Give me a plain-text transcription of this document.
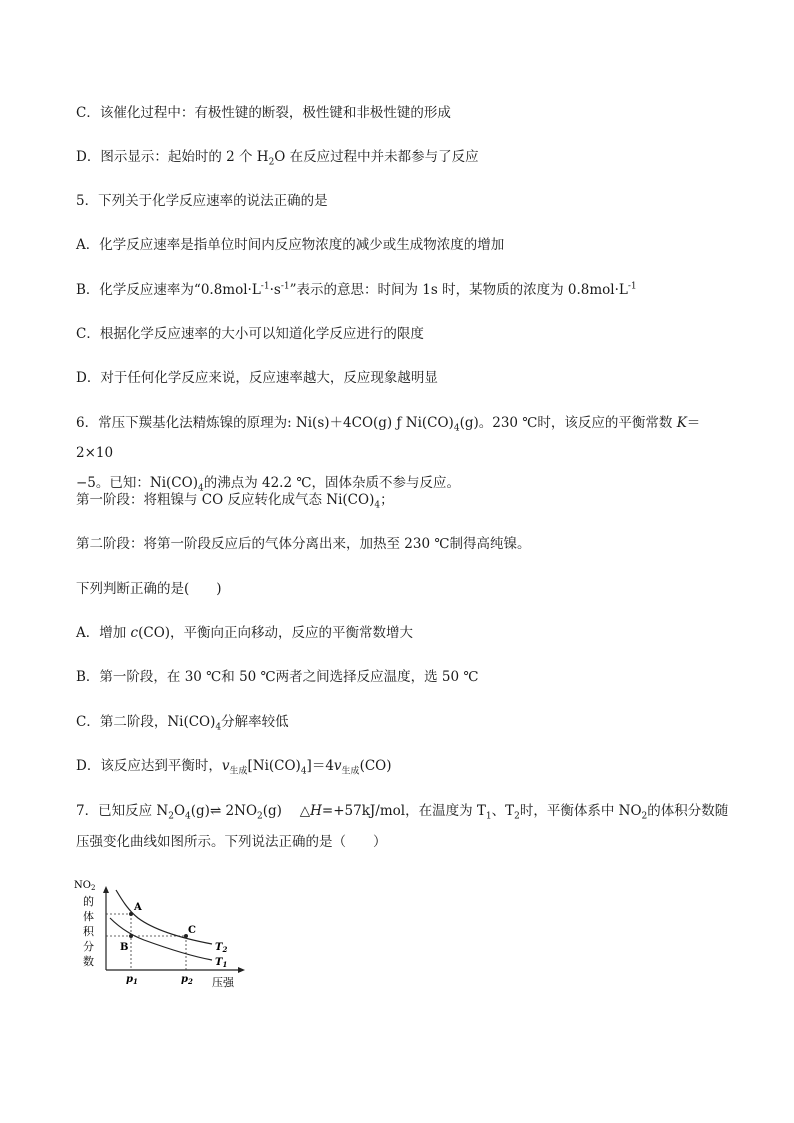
C．该催化过程中：有极性键的断裂，极性键和非极性键的形成
D．图示显示：起始时的 2 个 $H_2O$ 在反应过程中并未都参与了反应
5．下列关于化学反应速率的说法正确的是
A．化学反应速率是指单位时间内反应物浓度的减少或生成物浓度的增加
B．化学反应速率为“$0.8mol\cdot L^{-1}\cdot s^{-1}$”表示的意思：时间为 1s 时，某物质的浓度为 $0.8mol\cdot L^{-1}$
C．根据化学反应速率的大小可以知道化学反应进行的限度
D．对于任何化学反应来说，反应速率越大，反应现象越明显
6．常压下羰基化法精炼镍的原理为: Ni(s)＋4CO(g) ƒ $Ni(CO)_4(g)$。230 ℃时，该反应的平衡常数 K＝2×10
−5。已知：$Ni(CO)_4$的沸点为 42.2 ℃，固体杂质不参与反应。
第一阶段：将粗镍与 CO 反应转化成气态 $Ni(CO)_4$；
第二阶段：将第一阶段反应后的气体分离出来，加热至 230 ℃制得高纯镍。
下列判断正确的是(　　)
A．增加 c(CO)，平衡向正向移动，反应的平衡常数增大
B．第一阶段，在 30 ℃和 50 ℃两者之间选择反应温度，选 50 ℃
C．第二阶段，$Ni(CO)_4$分解率较低
D．该反应达到平衡时，$v_{生成}[Ni(CO)_4]=4v_{生成}(CO)$
7．已知反应 $N_2O_4(g)\rightleftharpoons$ $2NO_2(g)$　 △H=+57kJ/mol，在温度为 $T_1$、$T_2$时，平衡体系中 $NO_2$的体积分数随
压强变化曲线如图所示。下列说法正确的是（　　）
$NO_2$
的
体
积
分
数
A
B
C
$T_2$
$T_1$
$p_1$	$p_2$ 压强
